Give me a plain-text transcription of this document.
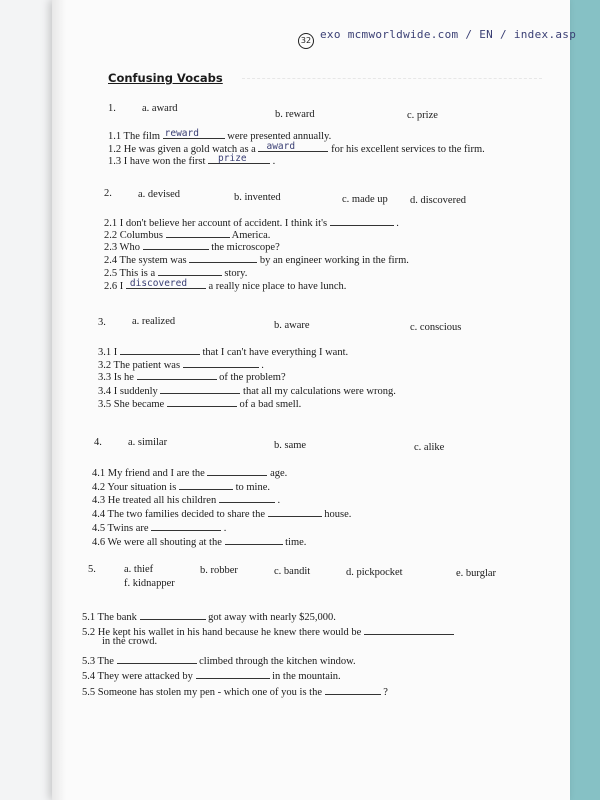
32 exo mcmworldwide.com / EN / index.asp
Confusing Vocabs
1. a. award
b. reward	c. prize
1.1 The film reward	were presented annually.
1.2 He was given a gold watch as a award	for his excellent services to the firm.
1.3 I have won the first prize .
2. a. devised	b. invented	c. made up d. discovered
2.1 I don't believe her account of accident. I think it's	.
2.2 Columbus	America.
2.3 Who	the microscope?
2.4 The system was	by an engineer working in the firm.
2.5 This is a	story.
2.6 I discovered a really nice place to have lunch.
3. a. realized	b. aware	c. conscious
3.1 I	that I can't have everything I want.
3.2 The patient was	.
3.3 Is he	of the problem?
3.4 I suddenly	that all my calculations were wrong.
3.5 She became	of a bad smell.
4. a. similar	b. same	c. alike
4.1 My friend and I are the	age.
4.2 Your situation is	to mine.
4.3 He treated all his children	.
4.4 The two families decided to share the	house.
4.5 Twins are	.
4.6 We were all shouting at the	time.
5.	a. thief	b. robber	c. bandit	d. pickpocket	e. burglar
f. kidnapper
5.1 The bank	got away with nearly $25,000.
5.2 He kept his wallet in his hand because he knew there would be
in the crowd.
5.3 The	climbed through the kitchen window.
5.4 They were attacked by	in the mountain.
5.5 Someone has stolen my pen - which one of you is the	?
